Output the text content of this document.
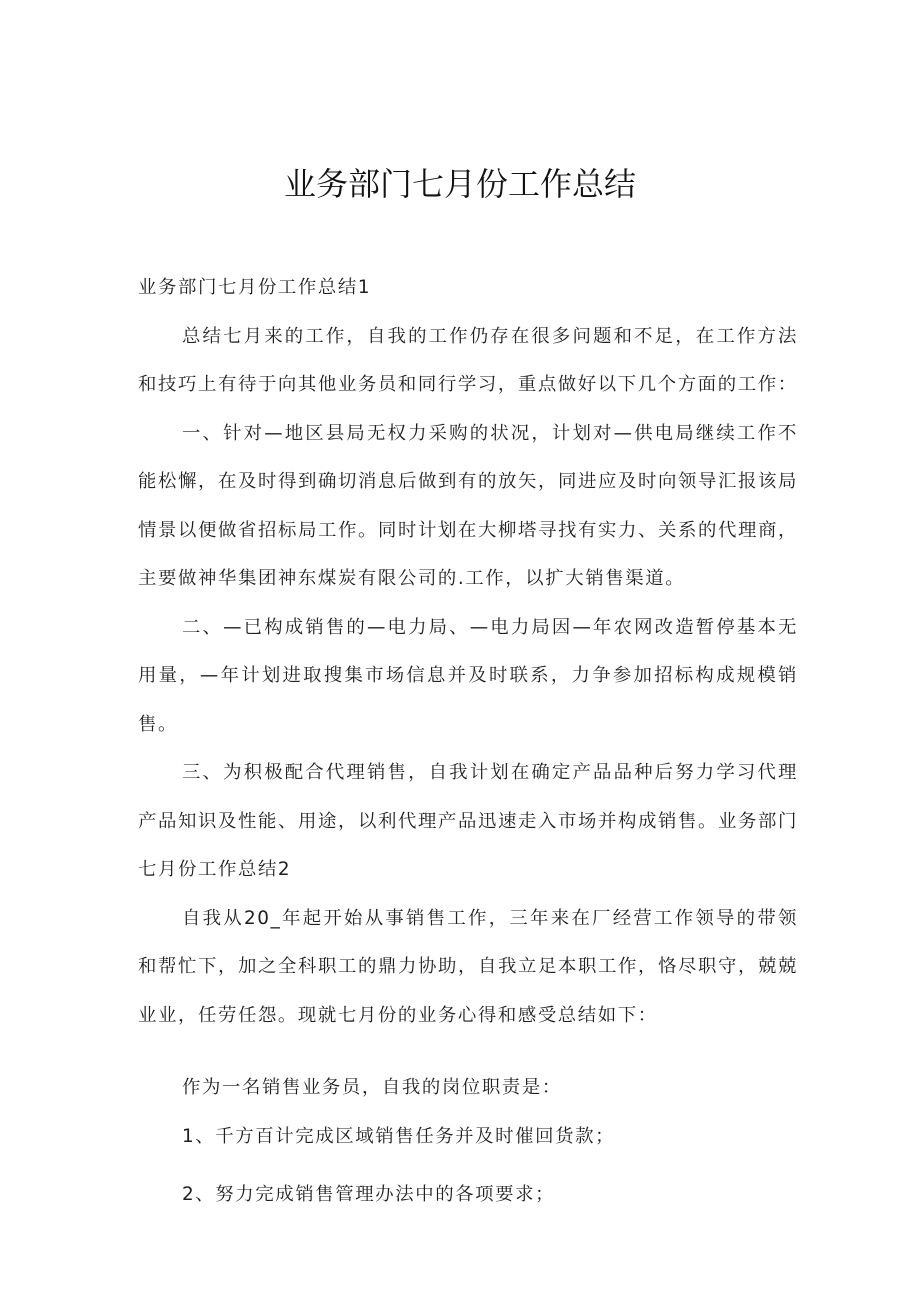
业务部门七月份工作总结

业务部门七月份工作总结1

总结七月来的工作，自我的工作仍存在很多问题和不足，在工作方法和技巧上有待于向其他业务员和同行学习，重点做好以下几个方面的工作：

一、针对—地区县局无权力采购的状况，计划对—供电局继续工作不能松懈，在及时得到确切消息后做到有的放矢，同进应及时向领导汇报该局情景以便做省招标局工作。同时计划在大柳塔寻找有实力、关系的代理商，主要做神华集团神东煤炭有限公司的.工作，以扩大销售渠道。

二、—已构成销售的—电力局、—电力局因—年农网改造暂停基本无用量，—年计划进取搜集市场信息并及时联系，力争参加招标构成规模销售。

三、为积极配合代理销售，自我计划在确定产品品种后努力学习代理产品知识及性能、用途，以利代理产品迅速走入市场并构成销售。业务部门七月份工作总结2

自我从20_年起开始从事销售工作，三年来在厂经营工作领导的带领和帮忙下，加之全科职工的鼎力协助，自我立足本职工作，恪尽职守，兢兢业业，任劳任怨。现就七月份的业务心得和感受总结如下：

作为一名销售业务员，自我的岗位职责是：

1、千方百计完成区域销售任务并及时催回货款；

2、努力完成销售管理办法中的各项要求；
